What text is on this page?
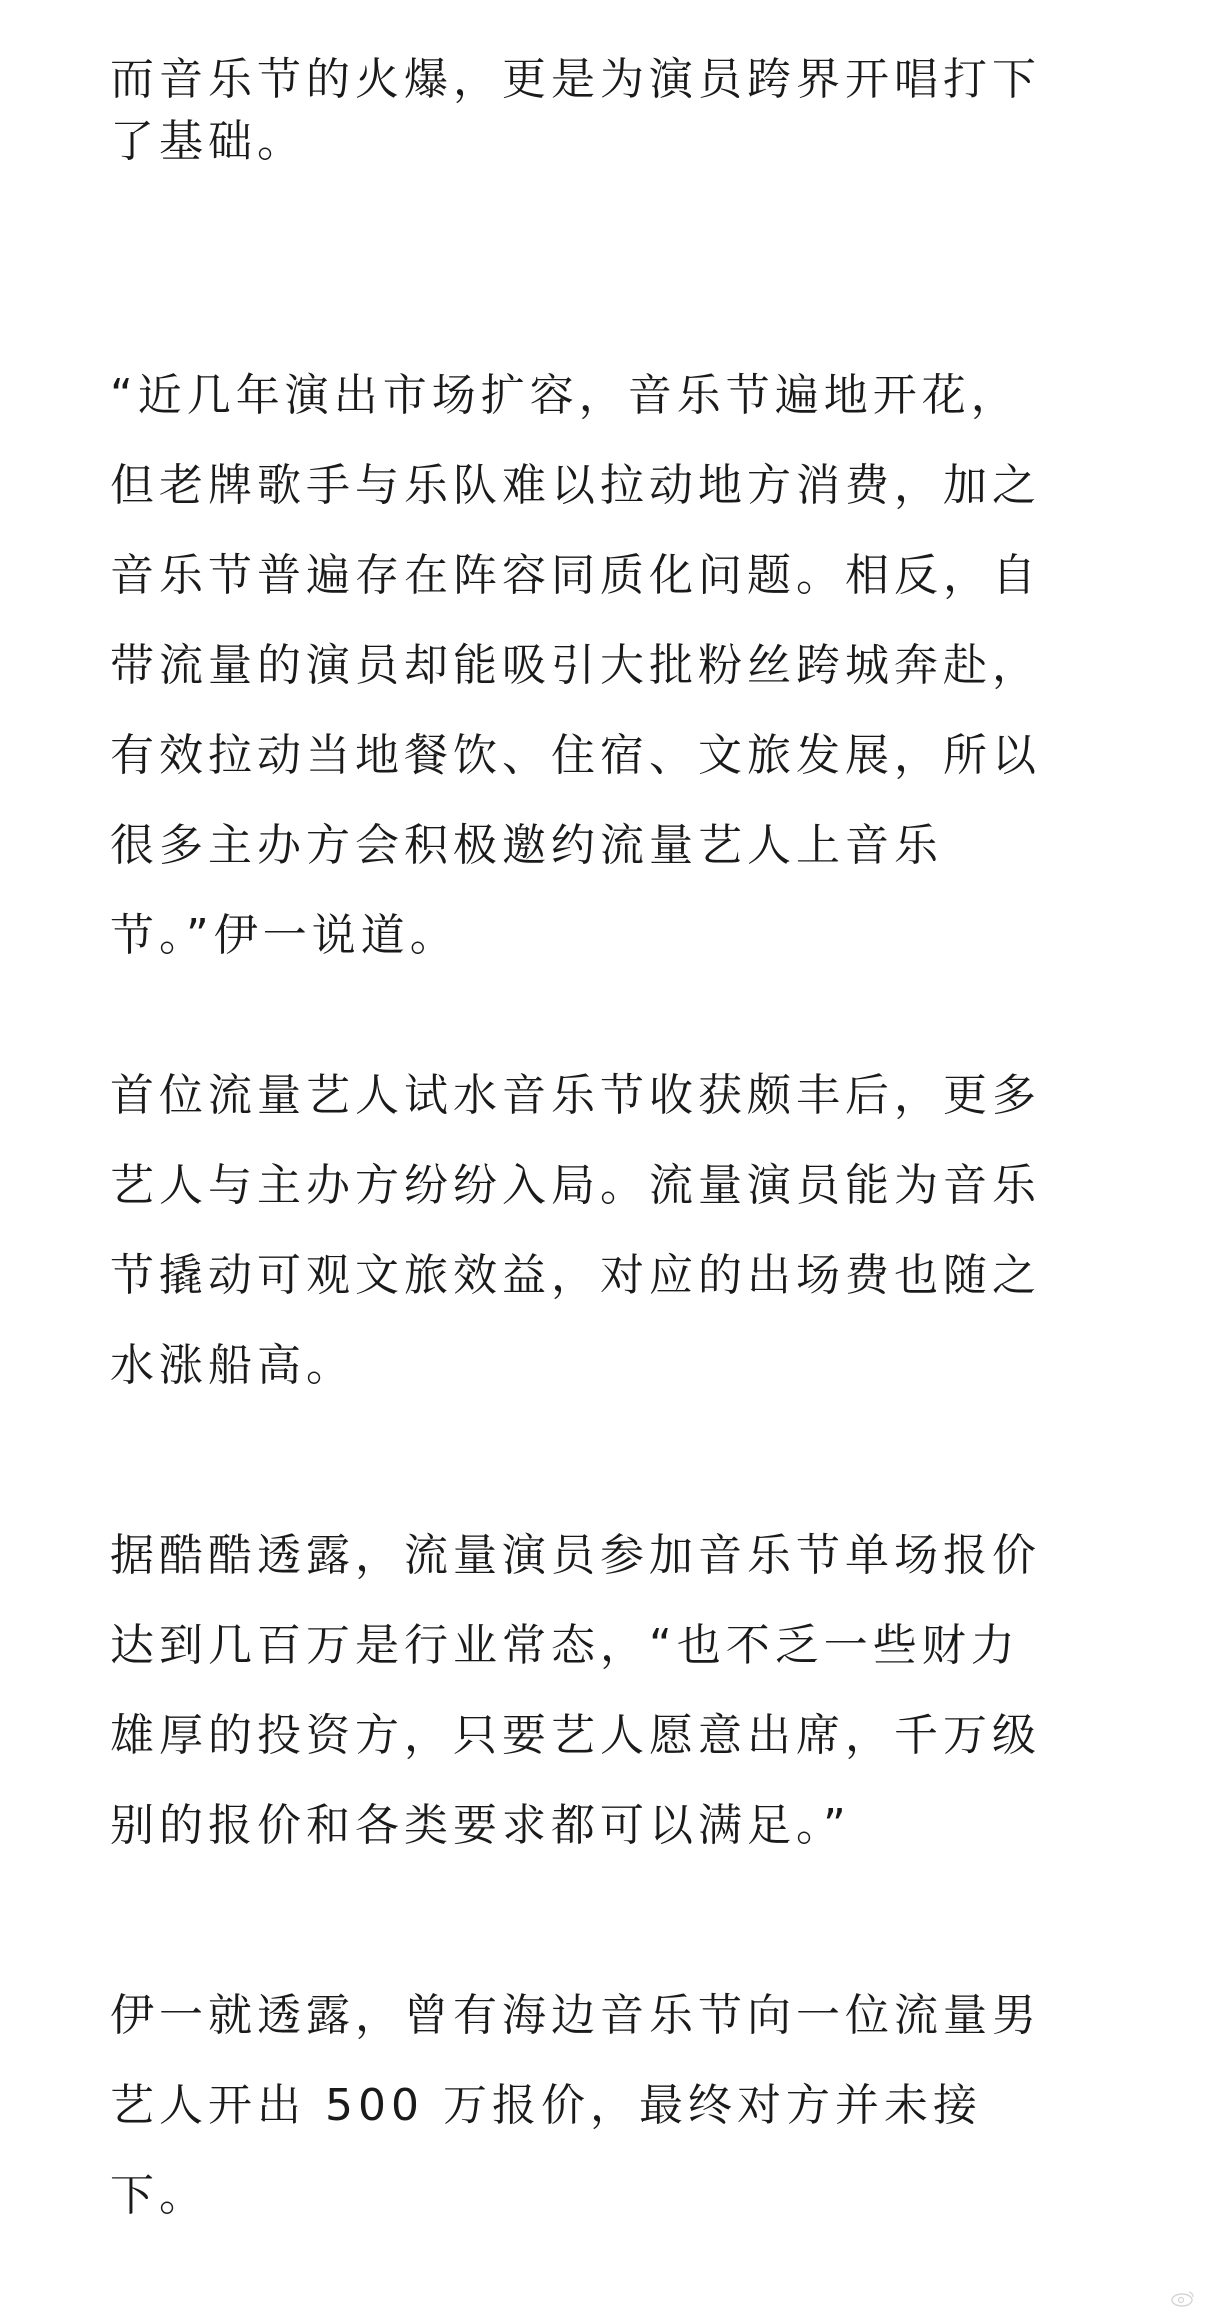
而音乐节的火爆，更是为演员跨界开唱打下
了基础。
“近几年演出市场扩容，音乐节遍地开花，
但老牌歌手与乐队难以拉动地方消费，加之
音乐节普遍存在阵容同质化问题。相反，自
带流量的演员却能吸引大批粉丝跨城奔赴，
有效拉动当地餐饮、住宿、文旅发展，所以
很多主办方会积极邀约流量艺人上音乐
节。”伊一说道。
首位流量艺人试水音乐节收获颇丰后，更多
艺人与主办方纷纷入局。流量演员能为音乐
节撬动可观文旅效益，对应的出场费也随之
水涨船高。
据酷酷透露，流量演员参加音乐节单场报价
达到几百万是行业常态，“也不乏一些财力
雄厚的投资方，只要艺人愿意出席，千万级
别的报价和各类要求都可以满足。”
伊一就透露，曾有海边音乐节向一位流量男
艺人开出 500 万报价，最终对方并未接
下。
